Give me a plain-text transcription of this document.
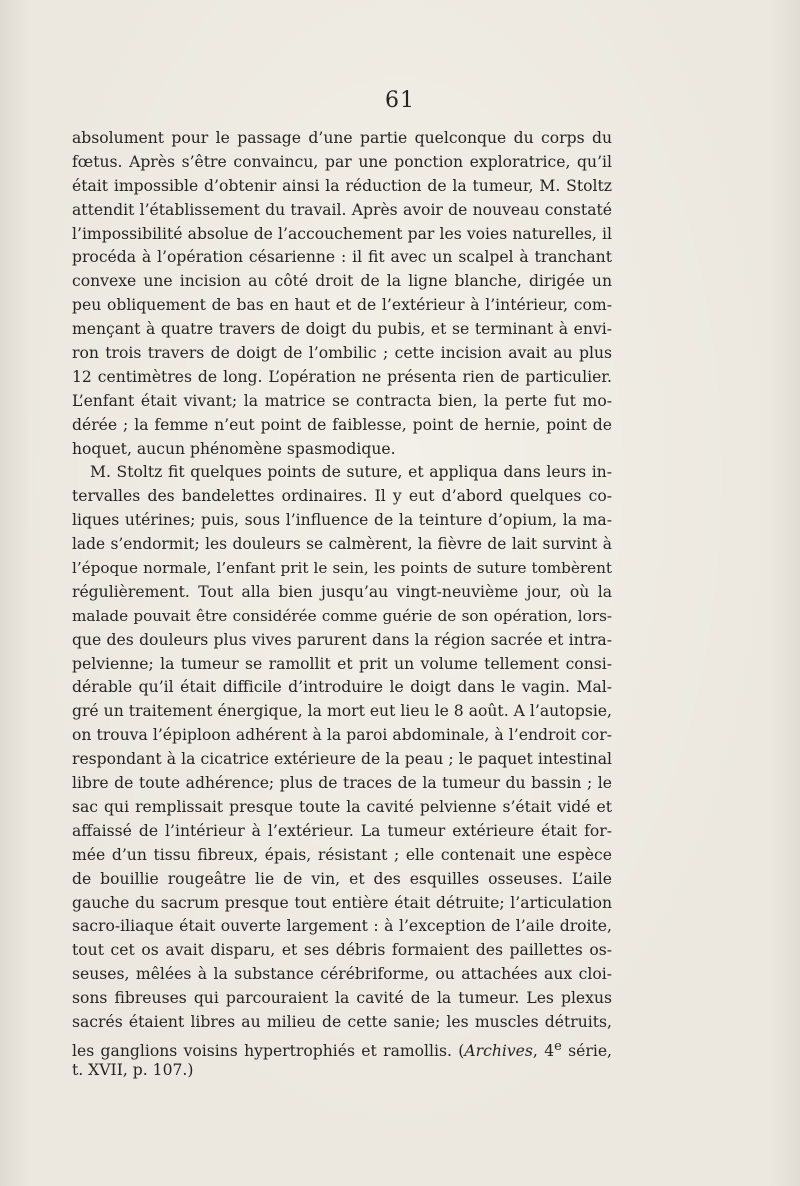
61
absolument pour le passage d’une partie quelconque du corps du
fœtus. Après s’être convaincu, par une ponction exploratrice, qu’il
était impossible d’obtenir ainsi la réduction de la tumeur, M. Stoltz
attendit l’établissement du travail. Après avoir de nouveau constaté
l’impossibilité absolue de l’accouchement par les voies naturelles, il
procéda à l’opération césarienne : il fit avec un scalpel à tranchant
convexe une incision au côté droit de la ligne blanche, dirigée un
peu obliquement de bas en haut et de l’extérieur à l’intérieur, com-
mençant à quatre travers de doigt du pubis, et se terminant à envi-
ron trois travers de doigt de l’ombilic ; cette incision avait au plus
12 centimètres de long. L’opération ne présenta rien de particulier.
L’enfant était vivant; la matrice se contracta bien, la perte fut mo-
dérée ; la femme n’eut point de faiblesse, point de hernie, point de
hoquet, aucun phénomène spasmodique.
M. Stoltz fit quelques points de suture, et appliqua dans leurs in-
tervalles des bandelettes ordinaires. Il y eut d’abord quelques co-
liques utérines; puis, sous l’influence de la teinture d’opium, la ma-
lade s’endormit; les douleurs se calmèrent, la fièvre de lait survint à
l’époque normale, l’enfant prit le sein, les points de suture tombèrent
régulièrement. Tout alla bien jusqu’au vingt-neuvième jour, où la
malade pouvait être considérée comme guérie de son opération, lors-
que des douleurs plus vives parurent dans la région sacrée et intra-
pelvienne; la tumeur se ramollit et prit un volume tellement consi-
dérable qu’il était difficile d’introduire le doigt dans le vagin. Mal-
gré un traitement énergique, la mort eut lieu le 8 août. A l’autopsie,
on trouva l’épiploon adhérent à la paroi abdominale, à l’endroit cor-
respondant à la cicatrice extérieure de la peau ; le paquet intestinal
libre de toute adhérence; plus de traces de la tumeur du bassin ; le
sac qui remplissait presque toute la cavité pelvienne s’était vidé et
affaissé de l’intérieur à l’extérieur. La tumeur extérieure était for-
mée d’un tissu fibreux, épais, résistant ; elle contenait une espèce
de bouillie rougeâtre lie de vin, et des esquilles osseuses. L’aile
gauche du sacrum presque tout entière était détruite; l’articulation
sacro-iliaque était ouverte largement : à l’exception de l’aile droite,
tout cet os avait disparu, et ses débris formaient des paillettes os-
seuses, mêlées à la substance cérébriforme, ou attachées aux cloi-
sons fibreuses qui parcouraient la cavité de la tumeur. Les plexus
sacrés étaient libres au milieu de cette sanie; les muscles détruits,
les ganglions voisins hypertrophiés et ramollis. (Archives, 4e série,
t. XVII, p. 107.)
